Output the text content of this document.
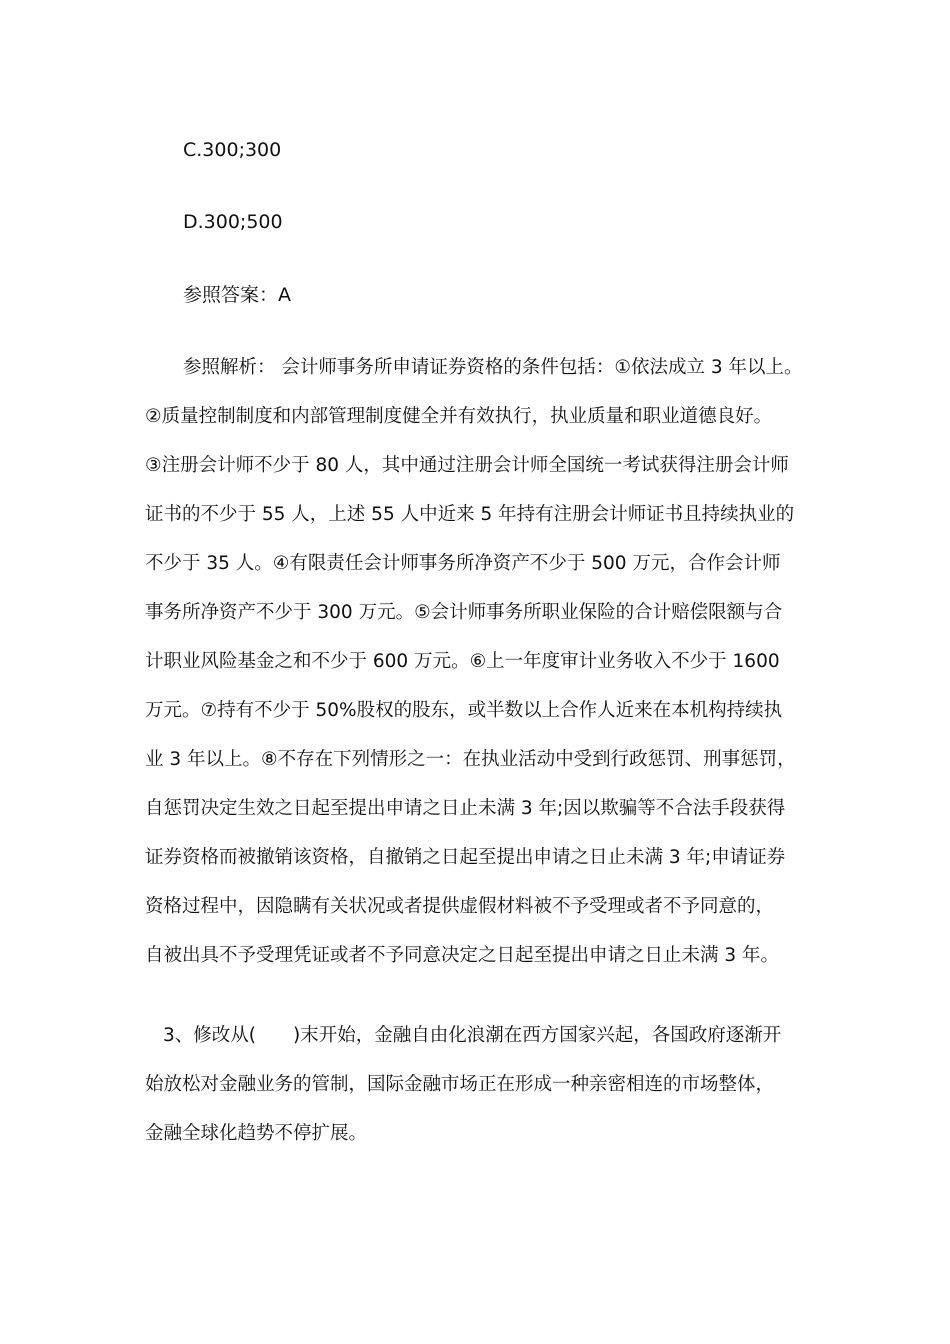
C.300;300
D.300;500
参照答案：A
参照解析： 会计师事务所申请证券资格的条件包括：①依法成立 3 年以上。
②质量控制制度和内部管理制度健全并有效执行，执业质量和职业道德良好。
③注册会计师不少于 80 人，其中通过注册会计师全国统一考试获得注册会计师
证书的不少于 55 人，上述 55 人中近来 5 年持有注册会计师证书且持续执业的
不少于 35 人。④有限责任会计师事务所净资产不少于 500 万元，合作会计师
事务所净资产不少于 300 万元。⑤会计师事务所职业保险的合计赔偿限额与合
计职业风险基金之和不少于 600 万元。⑥上一年度审计业务收入不少于 1600
万元。⑦持有不少于 50%股权的股东，或半数以上合作人近来在本机构持续执
业 3 年以上。⑧不存在下列情形之一：在执业活动中受到行政惩罚、刑事惩罚，
自惩罚决定生效之日起至提出申请之日止未满 3 年;因以欺骗等不合法手段获得
证券资格而被撤销该资格，自撤销之日起至提出申请之日止未满 3 年;申请证券
资格过程中，因隐瞒有关状况或者提供虚假材料被不予受理或者不予同意的，
自被出具不予受理凭证或者不予同意决定之日起至提出申请之日止未满 3 年。
3、修改从(　　)末开始，金融自由化浪潮在西方国家兴起，各国政府逐渐开
始放松对金融业务的管制，国际金融市场正在形成一种亲密相连的市场整体，
金融全球化趋势不停扩展。
